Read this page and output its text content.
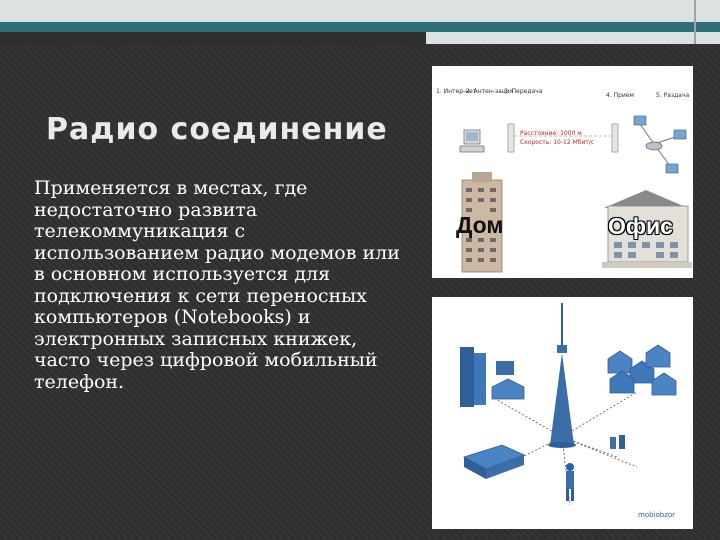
Радио соединение

Применяется в местах, где недостаточно развита телекоммуникация с использованием радио модемов или в основном используется для подключения к сети переносных компьютеров (Notebooks) и электронных записных книжек, часто через цифровой мобильный телефон.

1. Интер-нет
2. Антен-зация
3. Передача
4. Прием	5. Раздача
Расстояние: 1000 м
Скорость: 10-12 Мбит/с
Дом	Офис
mobiobzor
